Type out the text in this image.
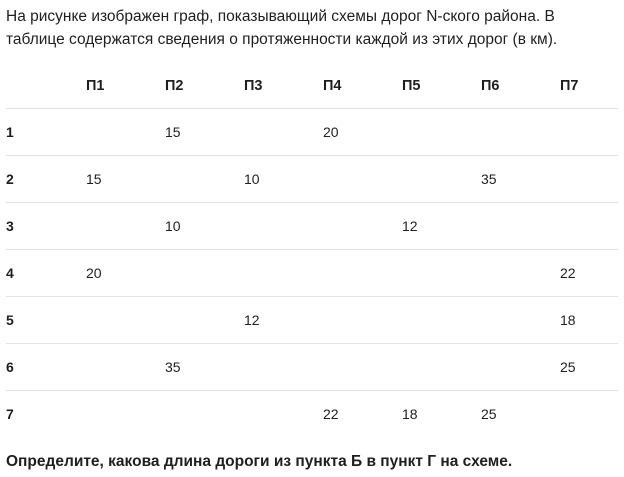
На рисунке изображен граф, показывающий схемы дорог N-ского района. В таблице содержатся сведения о протяженности каждой из этих дорог (в км).

	П1	П2	П3	П4	П5	П6	П7
1		15		20			
2	15		10			35	
3		10			12		
4	20						22
5			12				18
6		35					25
7				22	18	25	

Определите, какова длина дороги из пункта Б в пункт Г на схеме.
